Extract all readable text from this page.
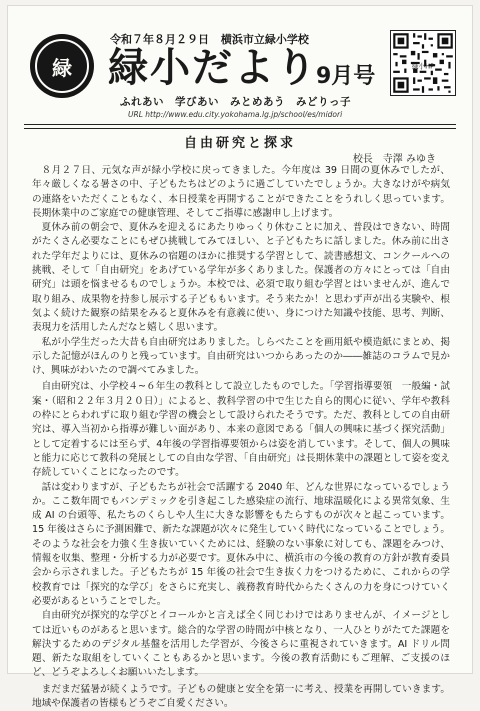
緑
令和７年８月２９日 横浜市立緑小学校
緑小だより
9月号
ふれあい　学びあい　みとめあう　みどりっ子
URL http://www.edu.city.yokohama.lg.jp/school/es/midori
緑小HP
自由研究と探求
校長　寺澤 みゆき

８月２７日、元気な声が緑小学校に戻ってきました。今年度は 39 日間の夏休みでしたが、年々厳しくなる暑さの中、子どもたちはどのように過ごしていたでしょうか。大きなけがや病気の連絡をいただくこともなく、本日授業を再開することができたことをうれしく思っています。長期休業中のご家庭での健康管理、そしてご指導に感謝申し上げます。

夏休み前の朝会で、夏休みを迎えるにあたりゆっくり休むことに加え、普段はできない、時間がたくさん必要なことにもぜひ挑戦してみてほしい、と子どもたちに話しました。休み前に出された学年だよりには、夏休みの宿題のほかに推奨する学習として、読書感想文、コンクールへの挑戦、そして「自由研究」をあげている学年が多くありました。保護者の方々にとっては「自由研究」は頭を悩ませるものでしょうか。本校では、必須で取り組む学習とはいませんが、進んで取り組み、成果物を持参し展示する子どももいます。そう来たか！と思わず声が出る実験や、根気よく続けた観察の結果をみると夏休みを有意義に使い、身につけた知識や技能、思考、判断、表現力を活用したんだなと嬉しく思います。

私が小学生だった大昔も自由研究はありました。しらべたことを画用紙や模造紙にまとめ、掲示した記憶がほんのりと残っています。自由研究はいつからあったのか――雑誌のコラムで見かけ、興味がわいたので調べてみました。

自由研究は、小学校４~６年生の教科として設立したものでした。「学習指導要領　一般編・試案・（昭和２２年３月２０日）」によると、教科学習の中で生じた自ら的関心に従い、学年や教科の枠にとらわれずに取り組む学習の機会として設けられたそうです。ただ、教科としての自由研究は、導入当初から指導が難しい面があり、本来の意図である「個人の興味に基づく探究活動」として定着するには至らず、4年後の学習指導要領からは姿を消しています。そして、個人の興味と能力に応じて教科の発展としての自由な学習、「自由研究」は長期休業中の課題として姿を変え存続していくことになったのです。

話は変わりますが、子どもたちが社会で活躍する 2040 年、どんな世界になっているでしょうか。ここ数年間でもパンデミックを引き起こした感染症の流行、地球温暖化による異常気象、生成 AI の台頭等、私たちのくらしや人生に大きな影響をもたらすものが次々と起こっています。15 年後はさらに予測困難で、新たな課題が次々に発生していく時代になっていることでしょう。そのような社会を力強く生き抜いていくためには、経験のない事象に対しても、課題をみつけ、情報を収集、整理・分析する力が必要です。夏休み中に、横浜市の今後の教育の方針が教育委員会から示されました。子どもたちが 15 年後の社会で生き抜く力をつけるために、これからの学校教育では「探究的な学び」をさらに充実し、義務教育時代からたくさんの力を身につけていく必要があるということでした。

自由研究が探究的な学びとイコールかと言えば全く同じわけではありませんが、イメージとしては近いものがあると思います。総合的な学習の時間が中核となり、一人ひとりがたてた課題を解決するためのデジタル基盤を活用した学習が、今後さらに重視されていきます。AI ドリル問題、新たな取組をしていくこともあるかと思います。今後の教育活動にもご理解、ご支援のほど、どうぞよろしくお願いいたします。

まだまだ猛暑が続くようです。子どもの健康と安全を第一に考え、授業を再開していきます。地域や保護者の皆様もどうぞご自愛ください。
